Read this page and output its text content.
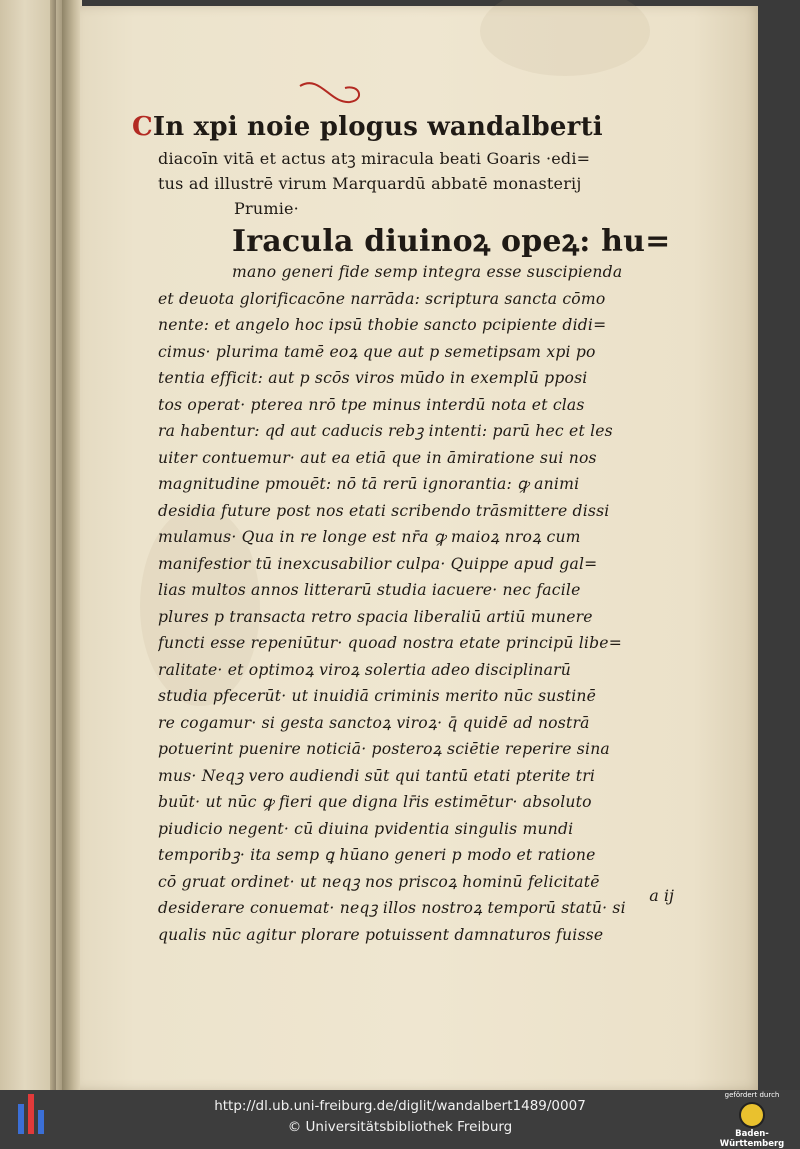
CIn xpi noie plogus wandalberti
diacoīn vitā et actus atꝫ miracula beati Goaris ·edi=
tus ad illustrē virum Marquardū abbatē monasterij
Prumie·
Iracula diuinoꝝ opeꝝ: hu=
mano generi fide semp integra esse suscipienda
et deuota glorificacōne narrāda: scriptura sancta cōmo
nente: et angelo hoc ipsū thobie sancto pcipiente didi=
cimus· plurima tamē eoꝝ que aut p semetipsam xpi po
tentia efficit: aut p scōs viros mūdo in exemplū pposi
tos operat· pterea nrō tpe minus interdū nota et clas
ra habentur: qd aut caducis rebꝫ intenti: parū hec et les
uiter contuemur· aut ea etiā que in āmiratione sui nos
magnitudine pmouēt: nō tā rerū ignorantia: ꝙ animi
desidia future post nos etati scribendo trāsmittere dissi
mulamus· Qua in re longe est nr̄a ꝙ maioꝝ nroꝝ cum
manifestior tū inexcusabilior culpa· Quippe apud gal=
lias multos annos litterarū studia iacuere· nec facile
plures p transacta retro spacia liberaliū artiū munere
functi esse repeniūtur· quoad nostra etate principū libe=
ralitate· et optimoꝝ viroꝝ solertia adeo disciplinarū
studia pfecerūt· ut inuidiā criminis merito nūc sustinē
re cogamur· si gesta sanctoꝝ viroꝝ· q̄ quidē ad nostrā
potuerint puenire noticiā· posteroꝝ sciētie reperire sina
mus· Neqꝫ vero audiendi sūt qui tantū etati pterite tri
buūt· ut nūc ꝙ fieri que digna lr̄is estimētur· absoluto
piudicio negent· cū diuina pvidentia singulis mundi
temporibꝫ· ita semp ꝗ hūano generi p modo et ratione
cō gruat ordinet· ut neqꝫ nos priscoꝝ hominū felicitatē
desiderare conuemat· neqꝫ illos nostroꝝ temporū statū· si
qualis nūc agitur plorare potuissent damnaturos fuisse
a ij
http://dl.ub.uni-freiburg.de/diglit/wandalbert1489/0007
© Universitätsbibliothek Freiburg
gefördert durch
Baden-Württemberg
